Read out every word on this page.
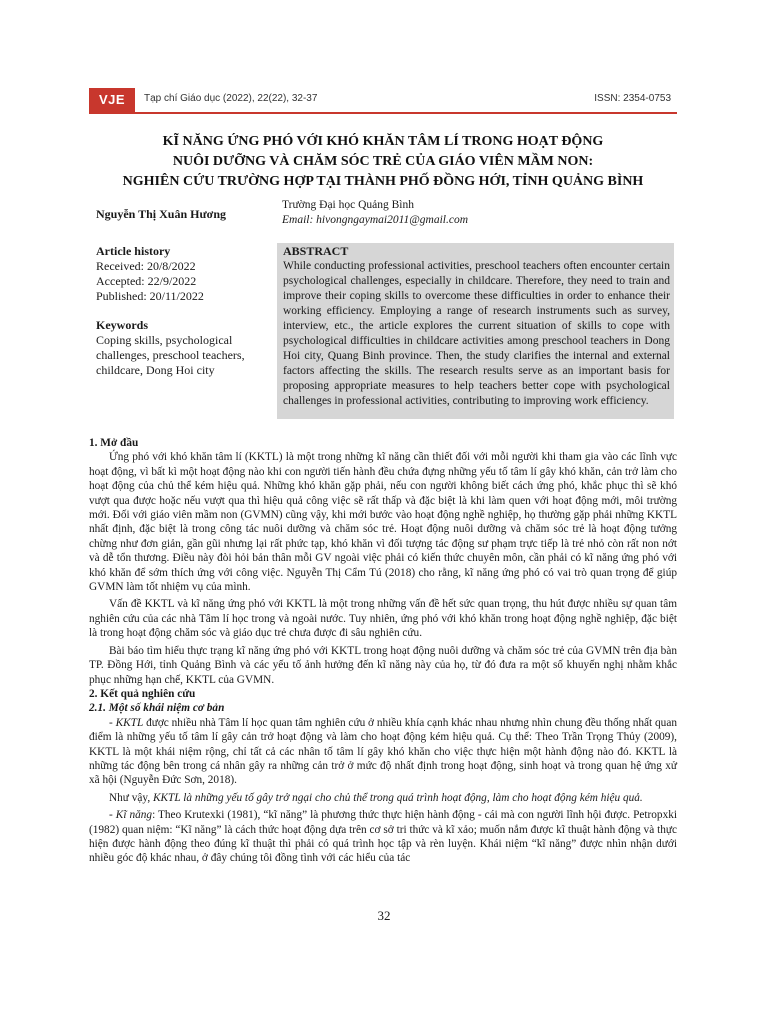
VJE	Tạp chí Giáo dục (2022), 22(22), 32-37	ISSN: 2354-0753
KĨ NĂNG ỨNG PHÓ VỚI KHÓ KHĂN TÂM LÍ TRONG HOẠT ĐỘNG
NUÔI DƯỠNG VÀ CHĂM SÓC TRẺ CỦA GIÁO VIÊN MẦM NON:
NGHIÊN CỨU TRƯỜNG HỢP TẠI THÀNH PHỐ ĐỒNG HỚI, TỈNH QUẢNG BÌNH
Nguyễn Thị Xuân Hương
Trường Đại học Quảng Bình
Email: hivongngaymai2011@gmail.com
Article history
Received: 20/8/2022
Accepted: 22/9/2022
Published: 20/11/2022
Keywords
Coping skills, psychological challenges, preschool teachers, childcare, Dong Hoi city
ABSTRACT
While conducting professional activities, preschool teachers often encounter certain psychological challenges, especially in childcare. Therefore, they need to train and improve their coping skills to overcome these difficulties in order to enhance their working efficiency. Employing a range of research instruments such as survey, interview, etc., the article explores the current situation of skills to cope with psychological difficulties in childcare activities among preschool teachers in Dong Hoi city, Quang Binh province. Then, the study clarifies the internal and external factors affecting the skills. The research results serve as an important basis for proposing appropriate measures to help teachers better cope with psychological challenges in professional activities, contributing to improving work efficiency.

1. Mở đầu

Ứng phó với khó khăn tâm lí (KKTL) là một trong những kĩ năng cần thiết đối với mỗi người khi tham gia vào các lĩnh vực hoạt động, vì bất kì một hoạt động nào khi con người tiến hành đều chứa đựng những yếu tố tâm lí gây khó khăn, cản trở làm cho hoạt động của chủ thể kém hiệu quả. Những khó khăn gặp phải, nếu con người không biết cách ứng phó, khắc phục thì sẽ khó vượt qua được hoặc nếu vượt qua thì hiệu quả công việc sẽ rất thấp và đặc biệt là khi làm quen với hoạt động mới, môi trường mới. Đối với giáo viên mầm non (GVMN) cũng vậy, khi mới bước vào hoạt động nghề nghiệp, họ thường gặp phải những KKTL nhất định, đặc biệt là trong công tác nuôi dưỡng và chăm sóc trẻ. Hoạt động nuôi dưỡng và chăm sóc trẻ là hoạt động tưởng chừng như đơn giản, gần gũi nhưng lại rất phức tạp, khó khăn vì đối tượng tác động sư phạm trực tiếp là trẻ nhỏ còn rất non nớt và dễ tổn thương. Điều này đòi hỏi bản thân mỗi GV ngoài việc phải có kiến thức chuyên môn, cần phải có kĩ năng ứng phó với khó khăn để sớm thích ứng với công việc. Nguyễn Thị Cẩm Tú (2018) cho rằng, kĩ năng ứng phó có vai trò quan trọng để giúp GVMN làm tốt nhiệm vụ của mình.

Vấn đề KKTL và kĩ năng ứng phó với KKTL là một trong những vấn đề hết sức quan trọng, thu hút được nhiều sự quan tâm nghiên cứu của các nhà Tâm lí học trong và ngoài nước. Tuy nhiên, ứng phó với khó khăn trong hoạt động nghề nghiệp, đặc biệt là trong hoạt động chăm sóc và giáo dục trẻ chưa được đi sâu nghiên cứu.

Bài báo tìm hiểu thực trạng kĩ năng ứng phó với KKTL trong hoạt động nuôi dưỡng và chăm sóc trẻ của GVMN trên địa bàn TP. Đồng Hới, tỉnh Quảng Bình và các yếu tố ảnh hưởng đến kĩ năng này của họ, từ đó đưa ra một số khuyến nghị nhằm khắc phục những hạn chế, KKTL của GVMN.

2. Kết quả nghiên cứu

2.1. Một số khái niệm cơ bản

- KKTL được nhiều nhà Tâm lí học quan tâm nghiên cứu ở nhiều khía cạnh khác nhau nhưng nhìn chung đều thống nhất quan điểm là những yếu tố tâm lí gây cản trở hoạt động và làm cho hoạt động kém hiệu quả. Cụ thể: Theo Trần Trọng Thủy (2009), KKTL là một khái niệm rộng, chỉ tất cả các nhân tố tâm lí gây khó khăn cho việc thực hiện một hành động nào đó. KKTL là những tác động bên trong cá nhân gây ra những cản trở ở mức độ nhất định trong hoạt động, sinh hoạt và trong quan hệ ứng xử xã hội (Nguyễn Đức Sơn, 2018).

Như vậy, KKTL là những yếu tố gây trở ngại cho chủ thể trong quá trình hoạt động, làm cho hoạt động kém hiệu quả.

- Kĩ năng: Theo Krutexki (1981), “kĩ năng” là phương thức thực hiện hành động - cái mà con người lĩnh hội được. Petropxki (1982) quan niệm: “Kĩ năng” là cách thức hoạt động dựa trên cơ sở tri thức và kĩ xảo; muốn nắm được kĩ thuật hành động và thực hiện được hành động theo đúng kĩ thuật thì phải có quá trình học tập và rèn luyện. Khái niệm “kĩ năng” được nhìn nhận dưới nhiều góc độ khác nhau, ở đây chúng tôi đồng tình với các hiểu của tác

32
